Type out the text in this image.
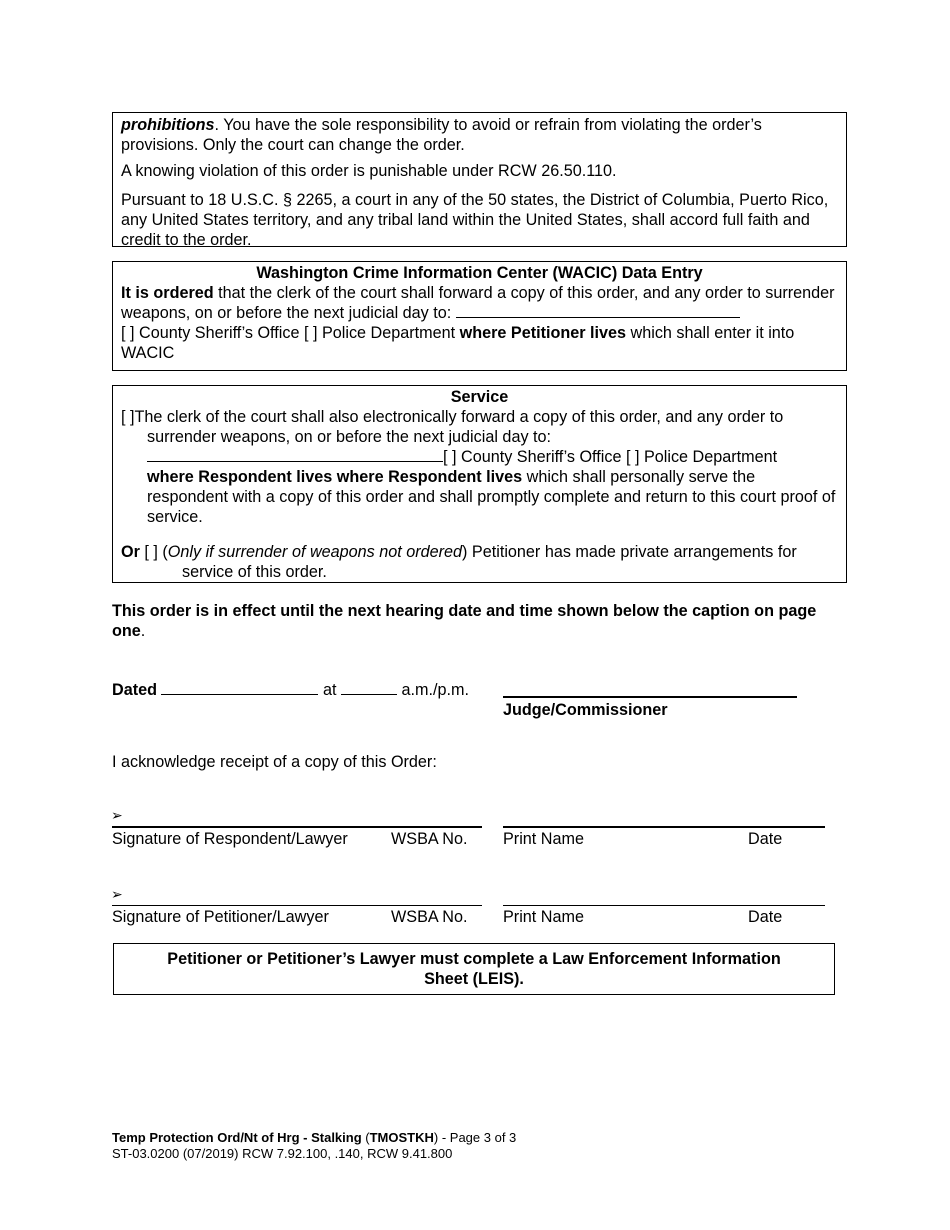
prohibitions. You have the sole responsibility to avoid or refrain from violating the order’s provisions. Only the court can change the order.

A knowing violation of this order is punishable under RCW 26.50.110.

Pursuant to 18 U.S.C. § 2265, a court in any of the 50 states, the District of Columbia, Puerto Rico, any United States territory, and any tribal land within the United States, shall accord full faith and credit to the order.

Washington Crime Information Center (WACIC) Data Entry

It is ordered that the clerk of the court shall forward a copy of this order, and any order to surrender weapons, on or before the next judicial day to:
[ ] County Sheriff’s Office [ ] Police Department where Petitioner lives which shall enter it into WACIC

Service

[ ]The clerk of the court shall also electronically forward a copy of this order, and any order to

surrender weapons, on or before the next judicial day to:

[ ] County Sheriff’s Office [ ] Police Department

where Respondent lives where Respondent lives which shall personally serve the respondent with a copy of this order and shall promptly complete and return to this court proof of service.

Or [ ] (Only if surrender of weapons not ordered) Petitioner has made private arrangements for

service of this order.

This order is in effect until the next hearing date and time shown below the caption on page one.

Dated	at	a.m./p.m.

Judge/Commissioner

I acknowledge receipt of a copy of this Order:

➢

Signature of Respondent/Lawyer	WSBA No. Print Name	Date

➢

Signature of Petitioner/Lawyer	WSBA No. Print Name	Date

Petitioner or Petitioner’s Lawyer must complete a Law Enforcement Information Sheet (LEIS).

Temp Protection Ord/Nt of Hrg - Stalking (TMOSTKH) - Page 3 of 3
ST-03.0200 (07/2019) RCW 7.92.100, .140, RCW 9.41.800
